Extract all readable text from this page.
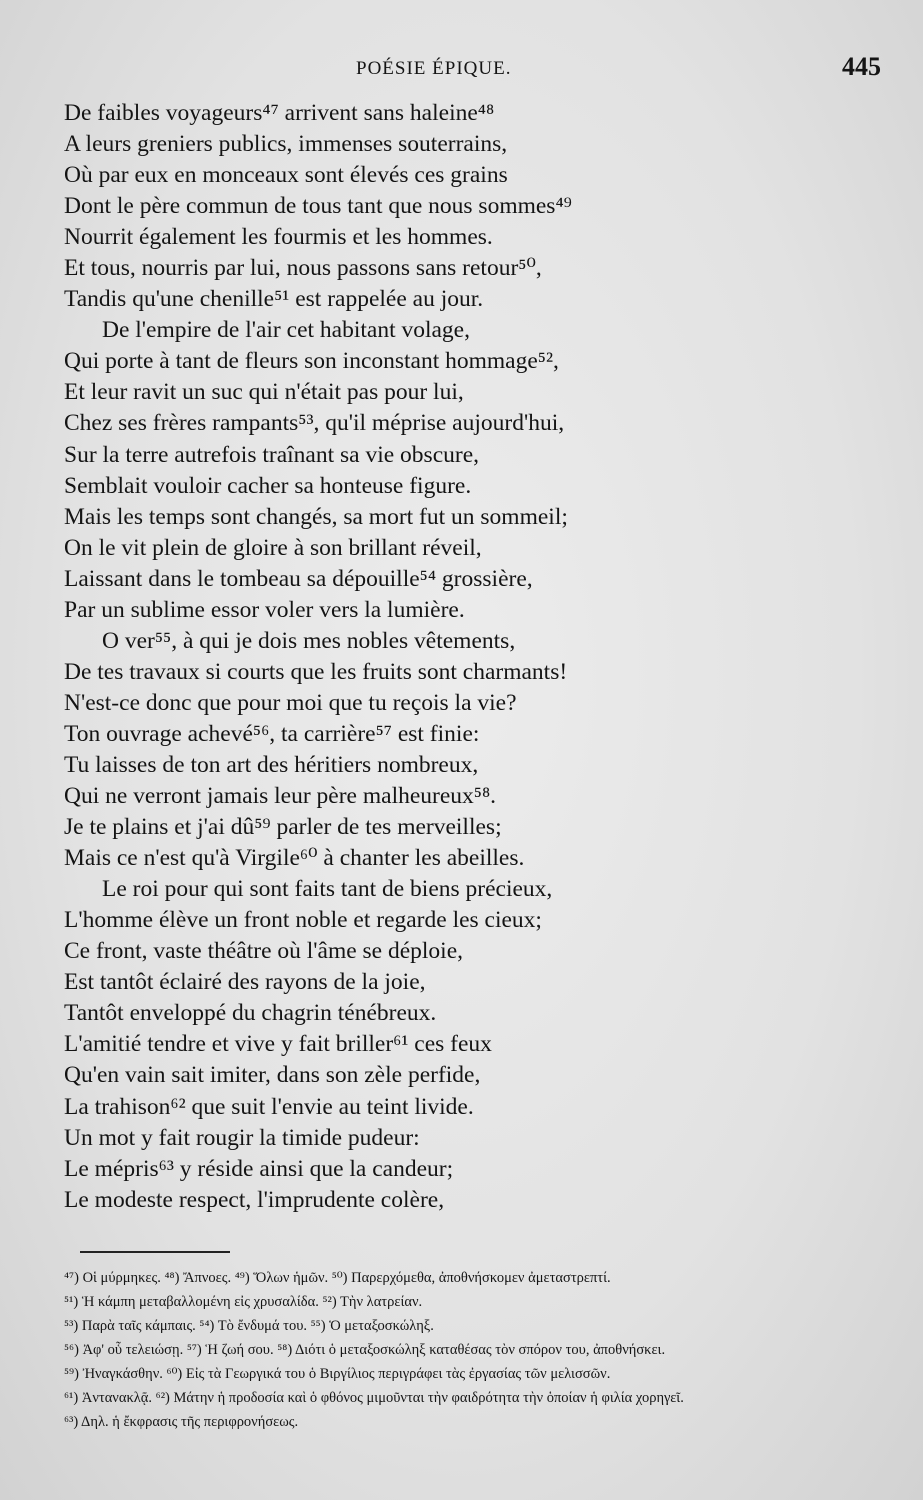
POÉSIE ÉPIQUE.	445
De faibles voyageurs⁴⁷ arrivent sans haleine⁴⁸
A leurs greniers publics, immenses souterrains,
Où par eux en monceaux sont élevés ces grains
Dont le père commun de tous tant que nous sommes⁴⁹
Nourrit également les fourmis et les hommes.
Et tous, nourris par lui, nous passons sans retour⁵⁰,
Tandis qu'une chenille⁵¹ est rappelée au jour.
De l'empire de l'air cet habitant volage,
Qui porte à tant de fleurs son inconstant hommage⁵²,
Et leur ravit un suc qui n'était pas pour lui,
Chez ses frères rampants⁵³, qu'il méprise aujourd'hui,
Sur la terre autrefois traînant sa vie obscure,
Semblait vouloir cacher sa honteuse figure.
Mais les temps sont changés, sa mort fut un sommeil;
On le vit plein de gloire à son brillant réveil,
Laissant dans le tombeau sa dépouille⁵⁴ grossière,
Par un sublime essor voler vers la lumière.
O ver⁵⁵, à qui je dois mes nobles vêtements,
De tes travaux si courts que les fruits sont charmants!
N'est-ce donc que pour moi que tu reçois la vie?
Ton ouvrage achevé⁵⁶, ta carrière⁵⁷ est finie:
Tu laisses de ton art des héritiers nombreux,
Qui ne verront jamais leur père malheureux⁵⁸.
Je te plains et j'ai dû⁵⁹ parler de tes merveilles;
Mais ce n'est qu'à Virgile⁶⁰ à chanter les abeilles.
Le roi pour qui sont faits tant de biens précieux,
L'homme élève un front noble et regarde les cieux;
Ce front, vaste théâtre où l'âme se déploie,
Est tantôt éclairé des rayons de la joie,
Tantôt enveloppé du chagrin ténébreux.
L'amitié tendre et vive y fait briller⁶¹ ces feux
Qu'en vain sait imiter, dans son zèle perfide,
La trahison⁶² que suit l'envie au teint livide.
Un mot y fait rougir la timide pudeur:
Le mépris⁶³ y réside ainsi que la candeur;
Le modeste respect, l'imprudente colère,
⁴⁷) Οἱ μύρμηκες. ⁴⁸) Ἄπνοες. ⁴⁹) Ὅλων ἡμῶν. ⁵⁰) Παρερχόμεθα, ἀποθνήσκομεν ἀμεταστρεπτί.
⁵¹) Ἡ κάμπη μεταβαλλομένη εἰς χρυσαλίδα. ⁵²) Τὴν λατρείαν.
⁵³) Παρὰ ταῖς κάμπαις. ⁵⁴) Τὸ ἔνδυμά του. ⁵⁵) Ὁ μεταξοσκώληξ.
⁵⁶) Ἀφ' οὗ τελειώσῃ. ⁵⁷) Ἡ ζωή σου. ⁵⁸) Διότι ὁ μεταξοσκώληξ καταθέσας τὸν σπόρον του, ἀποθνήσκει.
⁵⁹) Ἠναγκάσθην. ⁶⁰) Εἰς τὰ Γεωργικά του ὁ Βιργίλιος περιγράφει τὰς ἐργασίας τῶν μελισσῶν.
⁶¹) Ἀντανακλᾷ. ⁶²) Μάτην ἡ προδοσία καὶ ὁ φθόνος μιμοῦνται τὴν φαιδρότητα τὴν ὁποίαν ἡ φιλία χορηγεῖ.
⁶³) Δηλ. ἡ ἔκφρασις τῆς περιφρονήσεως.
